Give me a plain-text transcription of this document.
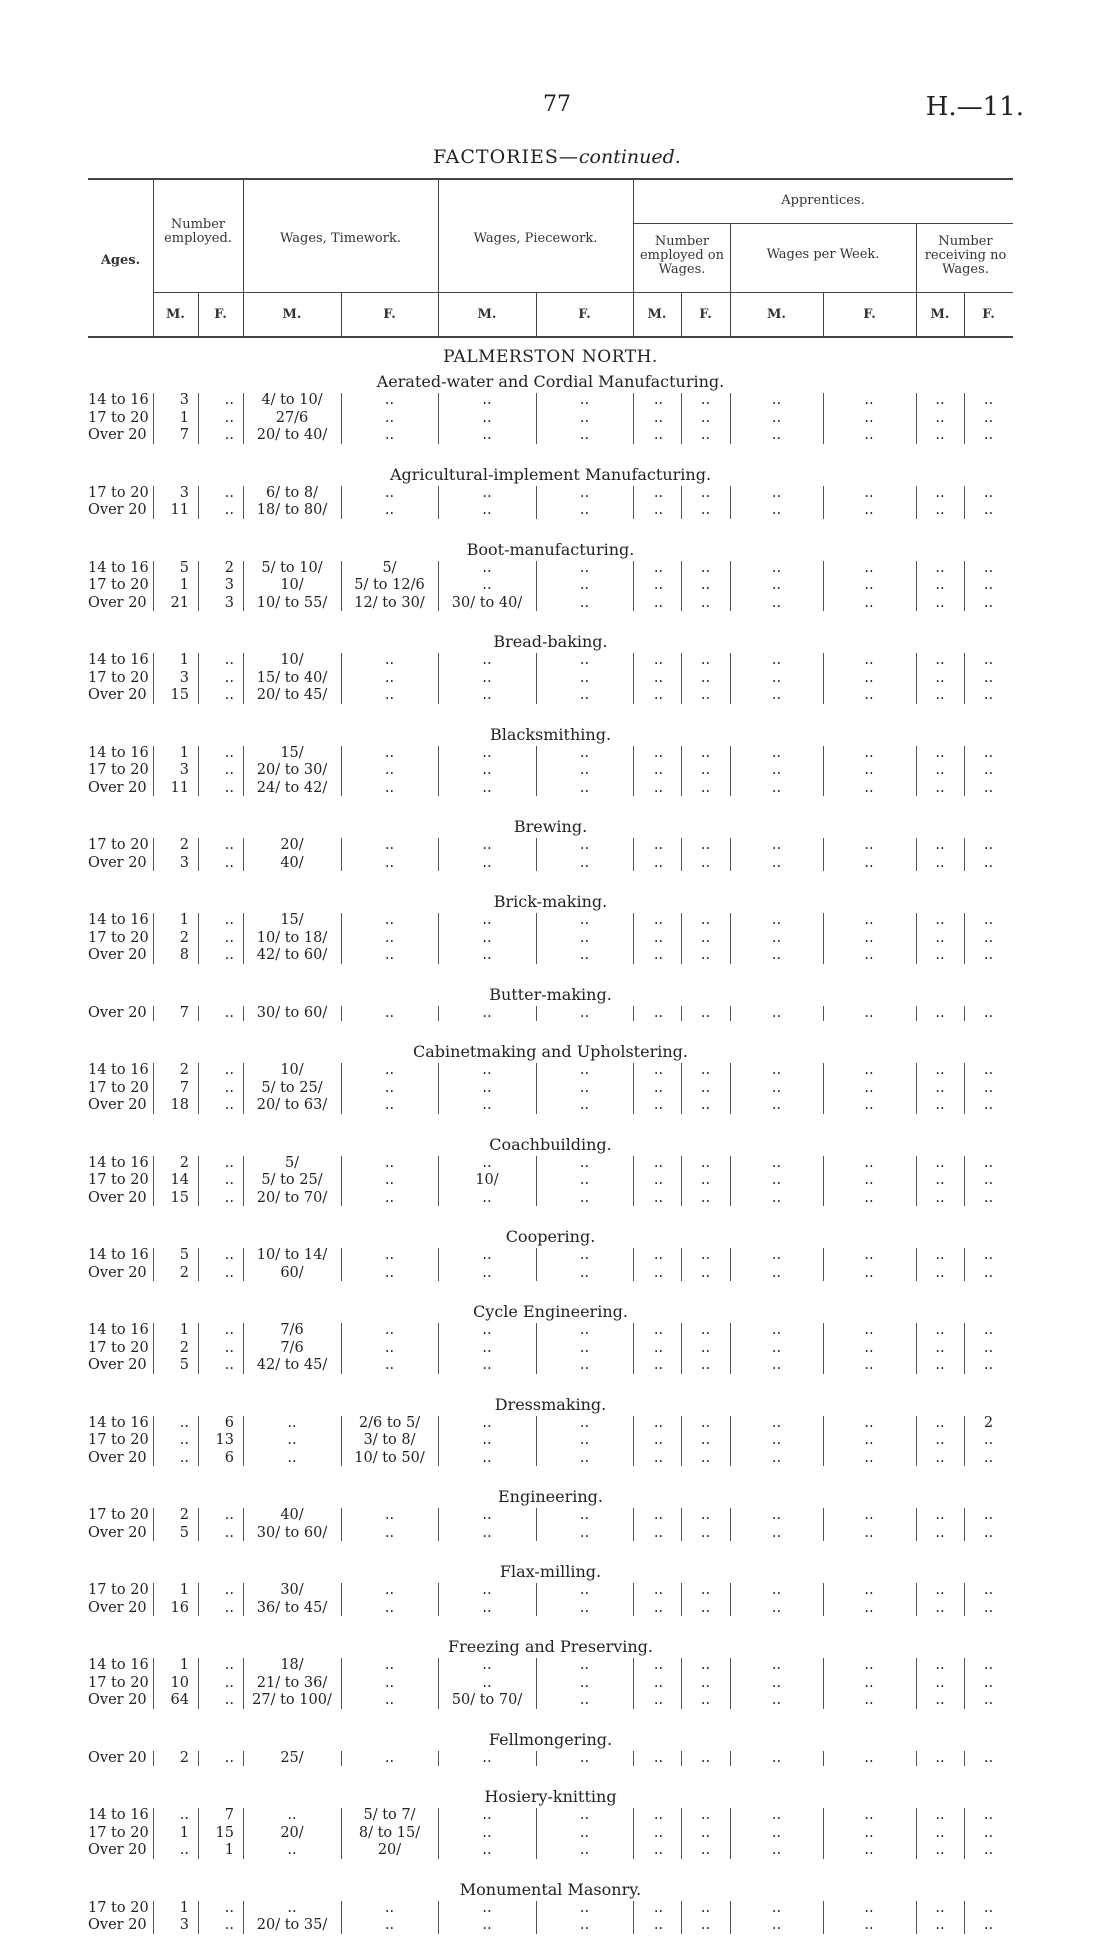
77	H.—11.
FACTORIES—continued.
Ages.
Number employed.	Wages, Timework.	Wages, Piecework.
Apprentices.
Number employed on Wages.
Wages per Week.
Number receiving no Wages.
M.	F.	M.	F.	M.	F.	M.	F.	M.	F.	M.	F.
PALMERSTON NORTH.
Aerated-water and Cordial Manufacturing.
14 to 16	3	..	4/ to 10/	..	..	..	..	..	..	..	..	..
17 to 20	1	..	27/6	..	..	..	..	..	..	..	..	..
Over 20	7	..	20/ to 40/	..	..	..	..	..	..	..	..	..
Agricultural-implement Manufacturing.
17 to 20	3	..	6/ to 8/	..	..	..	..	..	..	..	..	..
Over 20	11	..	18/ to 80/	..	..	..	..	..	..	..	..	..
Boot-manufacturing.
14 to 16	5	2	5/ to 10/	5/	..	..	..	..	..	..	..	..
17 to 20	1	3	10/	5/ to 12/6	..	..	..	..	..	..	..	..
Over 20	21	3	10/ to 55/	12/ to 30/	30/ to 40/	..	..	..	..	..	..	..
Bread-baking.
14 to 16	1	..	10/	..	..	..	..	..	..	..	..	..
17 to 20	3	..	15/ to 40/	..	..	..	..	..	..	..	..	..
Over 20	15	..	20/ to 45/	..	..	..	..	..	..	..	..	..
Blacksmithing.
14 to 16	1	..	15/	..	..	..	..	..	..	..	..	..
17 to 20	3	..	20/ to 30/	..	..	..	..	..	..	..	..	..
Over 20	11	..	24/ to 42/	..	..	..	..	..	..	..	..	..
Brewing.
17 to 20	2	..	20/	..	..	..	..	..	..	..	..	..
Over 20	3	..	40/	..	..	..	..	..	..	..	..	..
Brick-making.
14 to 16	1	..	15/	..	..	..	..	..	..	..	..	..
17 to 20	2	..	10/ to 18/	..	..	..	..	..	..	..	..	..
Over 20	8	..	42/ to 60/	..	..	..	..	..	..	..	..	..
Butter-making.
Over 20	7	..	30/ to 60/	..	..	..	..	..	..	..	..	..
Cabinetmaking and Upholstering.
14 to 16	2	..	10/	..	..	..	..	..	..	..	..	..
17 to 20	7	..	5/ to 25/	..	..	..	..	..	..	..	..	..
Over 20	18	..	20/ to 63/	..	..	..	..	..	..	..	..	..
Coachbuilding.
14 to 16	2	..	5/	..	..	..	..	..	..	..	..	..
17 to 20	14	..	5/ to 25/	..	10/	..	..	..	..	..	..	..
Over 20	15	..	20/ to 70/	..	..	..	..	..	..	..	..	..
Coopering.
14 to 16	5	..	10/ to 14/	..	..	..	..	..	..	..	..	..
Over 20	2	..	60/	..	..	..	..	..	..	..	..	..
Cycle Engineering.
14 to 16	1	..	7/6	..	..	..	..	..	..	..	..	..
17 to 20	2	..	7/6	..	..	..	..	..	..	..	..	..
Over 20	5	..	42/ to 45/	..	..	..	..	..	..	..	..	..
Dressmaking.
14 to 16	..	6	..	2/6 to 5/	..	..	..	..	..	..	..	2
17 to 20	..	13	..	3/ to 8/	..	..	..	..	..	..	..	..
Over 20	..	6	..	10/ to 50/	..	..	..	..	..	..	..	..
Engineering.
17 to 20	2	..	40/	..	..	..	..	..	..	..	..	..
Over 20	5	..	30/ to 60/	..	..	..	..	..	..	..	..	..
Flax-milling.
17 to 20	1	..	30/	..	..	..	..	..	..	..	..	..
Over 20	16	..	36/ to 45/	..	..	..	..	..	..	..	..	..
Freezing and Preserving.
14 to 16	1	..	18/	..	..	..	..	..	..	..	..	..
17 to 20	10	..	21/ to 36/	..	..	..	..	..	..	..	..	..
Over 20	64	..	27/ to 100/	..	50/ to 70/	..	..	..	..	..	..	..
Fellmongering.
Over 20	2	..	25/	..	..	..	..	..	..	..	..	..
Hosiery-knitting
14 to 16	..	7	..	5/ to 7/	..	..	..	..	..	..	..	..
17 to 20	1	15	20/	8/ to 15/	..	..	..	..	..	..	..	..
Over 20	..	1	..	20/	..	..	..	..	..	..	..	..
Monumental Masonry.
17 to 20	1	..	..	..	..	..	..	..	..	..	..	..
Over 20	3	..	20/ to 35/	..	..	..	..	..	..	..	..	..
